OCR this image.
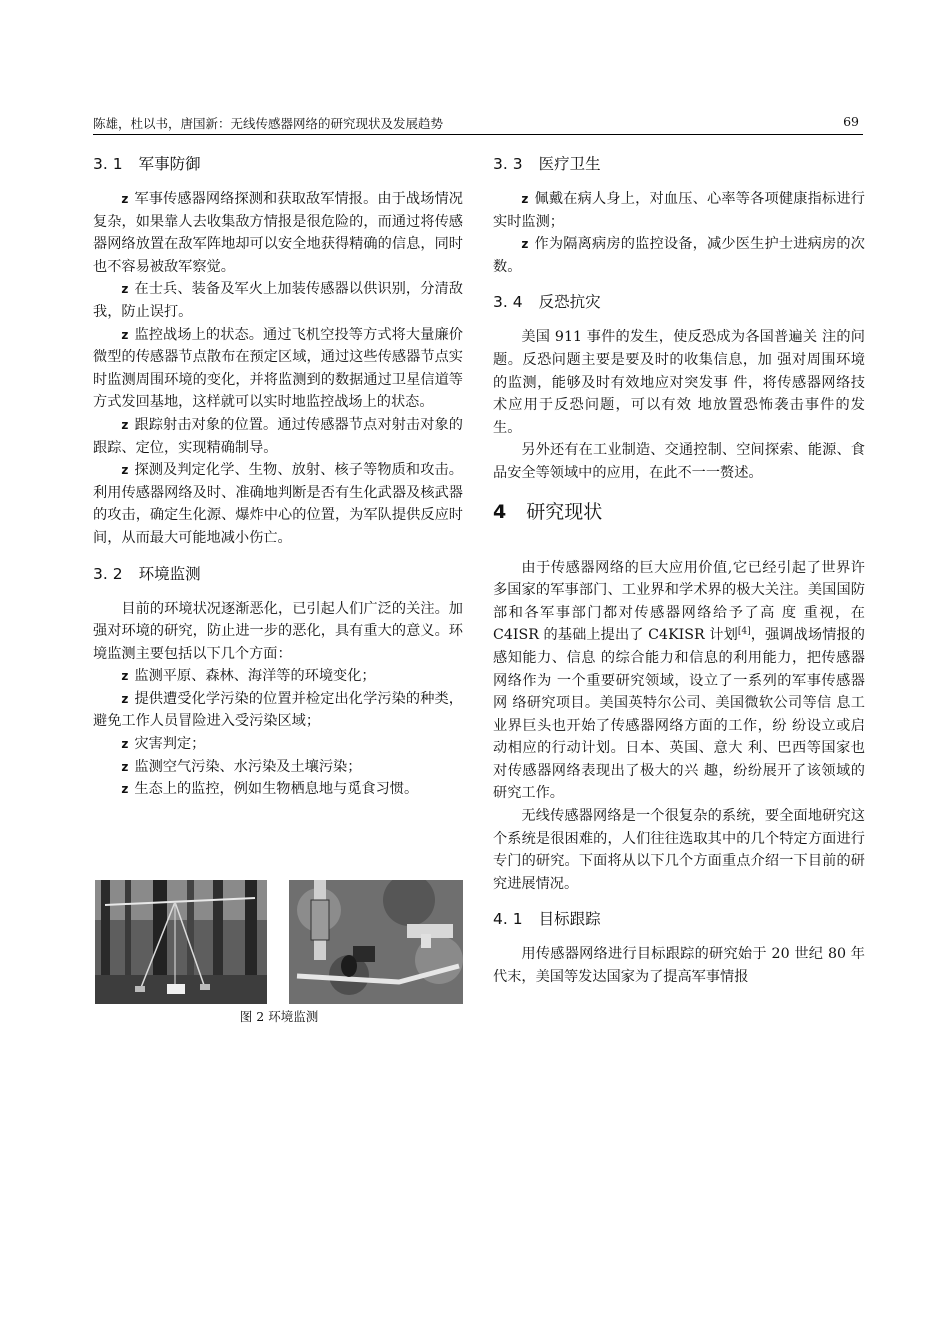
陈雄，杜以书，唐国新：无线传感器网络的研究现状及发展趋势	69
3. 1 军事防御

z 军事传感器网络探测和获取敌军情报。由于战场情况复杂，如果靠人去收集敌方情报是很危险的，而通过将传感器网络放置在敌军阵地却可以安全地获得精确的信息，同时也不容易被敌军察觉。

z 在士兵、装备及军火上加装传感器以供识别，分清敌我，防止误打。

z 监控战场上的状态。通过飞机空投等方式将大量廉价微型的传感器节点散布在预定区域，通过这些传感器节点实时监测周围环境的变化，并将监测到的数据通过卫星信道等方式发回基地，这样就可以实时地监控战场上的状态。

z 跟踪射击对象的位置。通过传感器节点对射击对象的跟踪、定位，实现精确制导。

z 探测及判定化学、生物、放射、核子等物质和攻击。利用传感器网络及时、准确地判断是否有生化武器及核武器的攻击，确定生化源、爆炸中心的位置，为军队提供反应时间，从而最大可能地减小伤亡。

3. 2 环境监测

目前的环境状况逐渐恶化，已引起人们广泛的关注。加强对环境的研究，防止进一步的恶化，具有重大的意义。环境监测主要包括以下几个方面：

z 监测平原、森林、海洋等的环境变化；

z 提供遭受化学污染的位置并检定出化学污染的种类，避免工作人员冒险进入受污染区域；

z 灾害判定；

z 监测空气污染、水污染及土壤污染；

z 生态上的监控，例如生物栖息地与觅食习惯。

图 2 环境监测
3. 3 医疗卫生

z 佩戴在病人身上，对血压、心率等各项健康指标进行实时监测；

z 作为隔离病房的监控设备，减少医生护士进病房的次数。

3. 4 反恐抗灾

美国 911 事件的发生，使反恐成为各国普遍关 注的问题。反恐问题主要是要及时的收集信息，加 强对周围环境的监测，能够及时有效地应对突发事 件，将传感器网络技术应用于反恐问题，可以有效 地放置恐怖袭击事件的发生。

另外还有在工业制造、交通控制、空间探索、能源、食品安全等领域中的应用，在此不一一赘述。

4 研究现状

由于传感器网络的巨大应用价值,它已经引起了世界许多国家的军事部门、工业界和学术界的极大关注。美国国防部和各军事部门都对传感器网络给予了高 度 重视，在 C4ISR 的基础上提出了 C4KISR 计划[4]，强调战场情报的感知能力、信息 的综合能力和信息的利用能力，把传感器网络作为 一个重要研究领域，设立了一系列的军事传感器网 络研究项目。美国英特尔公司、美国微软公司等信 息工业界巨头也开始了传感器网络方面的工作，纷 纷设立或启动相应的行动计划。日本、英国、意大 利、巴西等国家也对传感器网络表现出了极大的兴 趣，纷纷展开了该领域的研究工作。

无线传感器网络是一个很复杂的系统，要全面地研究这个系统是很困难的，人们往往选取其中的几个特定方面进行专门的研究。下面将从以下几个方面重点介绍一下目前的研究进展情况。

4. 1 目标跟踪

用传感器网络进行目标跟踪的研究始于 20 世纪 80 年代末，美国等发达国家为了提高军事情报
